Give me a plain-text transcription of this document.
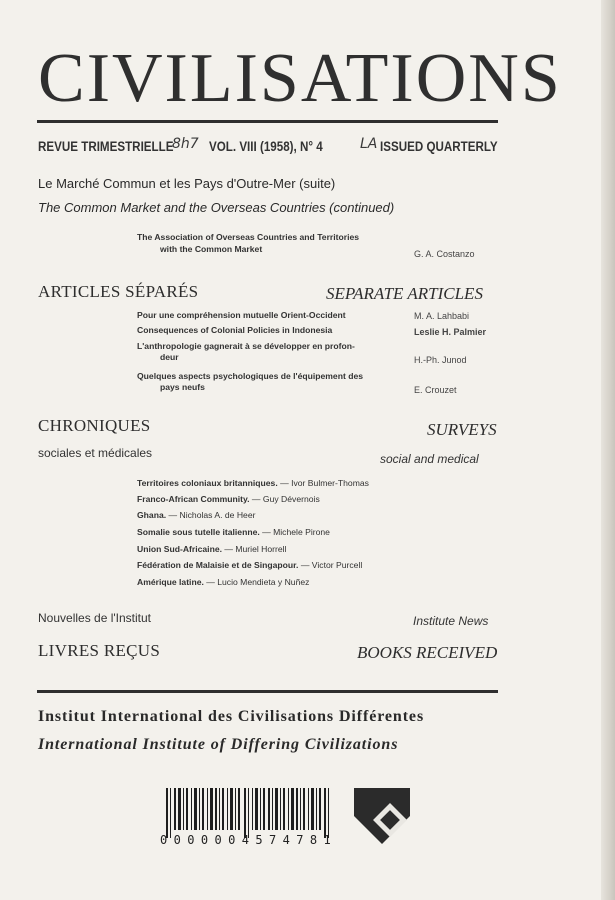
CIVILISATIONS
REVUE TRIMESTRIELLE
8h7 VOL. VIII (1958), N° 4	LA ISSUED QUARTERLY
Le Marché Commun et les Pays d'Outre-Mer (suite)
The Common Market and the Overseas Countries (continued)
The Association of Overseas Countries and Territories
with the Common Market	G. A. Costanzo
ARTICLES SÉPARÉS	SEPARATE ARTICLES
Pour une compréhension mutuelle Orient-Occident	M. A. Lahbabi
Consequences of Colonial Policies in Indonesia	Leslie H. Palmier
L'anthropologie gagnerait à se développer en profon-
deur	H.-Ph. Junod
Quelques aspects psychologiques de l'équipement des
pays neufs	E. Crouzet
CHRONIQUES	SURVEYS
sociales et médicales	social and medical
Territoires coloniaux britanniques. — Ivor Bulmer-Thomas
Franco-African Community. — Guy Dévernois
Ghana. — Nicholas A. de Heer
Somalie sous tutelle italienne. — Michele Pirone
Union Sud-Africaine. — Muriel Horrell
Fédération de Malaisie et de Singapour. — Victor Purcell
Amérique latine. — Lucio Mendieta y Nuñez
Nouvelles de l'Institut	Institute News
LIVRES REÇUS	BOOKS RECEIVED
Institut International des Civilisations Différentes
International Institute of Differing Civilizations
0000004574781
